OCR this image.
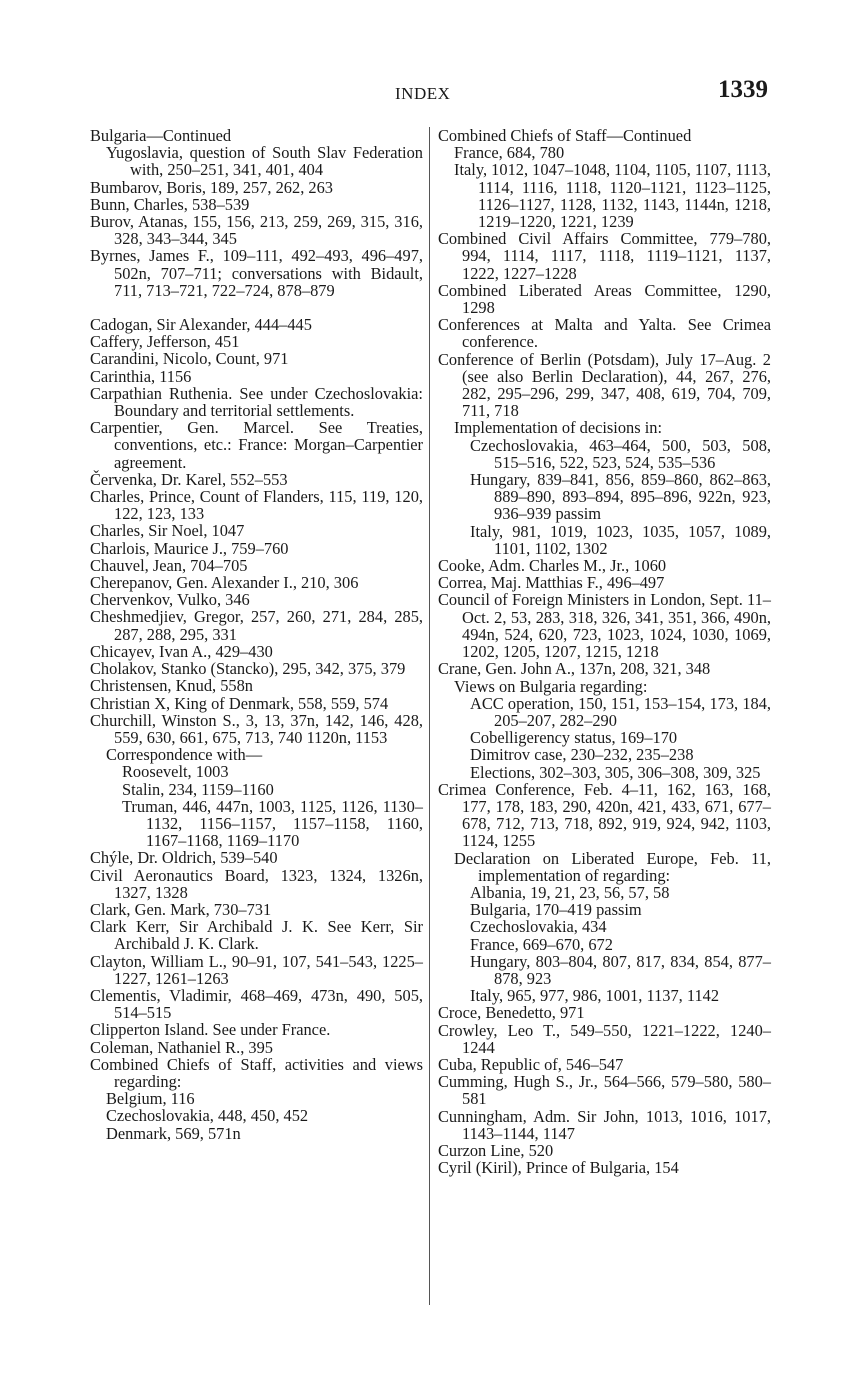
INDEX	1339
Bulgaria—Continued
Yugoslavia, question of South Slav Federation with, 250–251, 341, 401, 404
Bumbarov, Boris, 189, 257, 262, 263
Bunn, Charles, 538–539
Burov, Atanas, 155, 156, 213, 259, 269, 315, 316, 328, 343–344, 345
Byrnes, James F., 109–111, 492–493, 496–497, 502n, 707–711; conversations with Bidault, 711, 713–721, 722–724, 878–879
Cadogan, Sir Alexander, 444–445
Caffery, Jefferson, 451
Carandini, Nicolo, Count, 971
Carinthia, 1156
Carpathian Ruthenia. See under Czechoslovakia: Boundary and territorial settlements.
Carpentier, Gen. Marcel. See Treaties, conventions, etc.: France: Morgan–Carpentier agreement.
Červenka, Dr. Karel, 552–553
Charles, Prince, Count of Flanders, 115, 119, 120, 122, 123, 133
Charles, Sir Noel, 1047
Charlois, Maurice J., 759–760
Chauvel, Jean, 704–705
Cherepanov, Gen. Alexander I., 210, 306
Chervenkov, Vulko, 346
Cheshmedjiev, Gregor, 257, 260, 271, 284, 285, 287, 288, 295, 331
Chicayev, Ivan A., 429–430
Cholakov, Stanko (Stancko), 295, 342, 375, 379
Christensen, Knud, 558n
Christian X, King of Denmark, 558, 559, 574
Churchill, Winston S., 3, 13, 37n, 142, 146, 428, 559, 630, 661, 675, 713, 740 1120n, 1153
Correspondence with—
Roosevelt, 1003
Stalin, 234, 1159–1160
Truman, 446, 447n, 1003, 1125, 1126, 1130–1132, 1156–1157, 1157–1158, 1160, 1167–1168, 1169–1170
Chýle, Dr. Oldrich, 539–540
Civil Aeronautics Board, 1323, 1324, 1326n, 1327, 1328
Clark, Gen. Mark, 730–731
Clark Kerr, Sir Archibald J. K. See Kerr, Sir Archibald J. K. Clark.
Clayton, William L., 90–91, 107, 541–543, 1225–1227, 1261–1263
Clementis, Vladimir, 468–469, 473n, 490, 505, 514–515
Clipperton Island. See under France.
Coleman, Nathaniel R., 395
Combined Chiefs of Staff, activities and views regarding:
Belgium, 116
Czechoslovakia, 448, 450, 452
Denmark, 569, 571n
Combined Chiefs of Staff—Continued
France, 684, 780
Italy, 1012, 1047–1048, 1104, 1105, 1107, 1113, 1114, 1116, 1118, 1120–1121, 1123–1125, 1126–1127, 1128, 1132, 1143, 1144n, 1218, 1219–1220, 1221, 1239
Combined Civil Affairs Committee, 779–780, 994, 1114, 1117, 1118, 1119–1121, 1137, 1222, 1227–1228
Combined Liberated Areas Committee, 1290, 1298
Conferences at Malta and Yalta. See Crimea conference.
Conference of Berlin (Potsdam), July 17–Aug. 2 (see also Berlin Declaration), 44, 267, 276, 282, 295–296, 299, 347, 408, 619, 704, 709, 711, 718
Implementation of decisions in:
Czechoslovakia, 463–464, 500, 503, 508, 515–516, 522, 523, 524, 535–536
Hungary, 839–841, 856, 859–860, 862–863, 889–890, 893–894, 895–896, 922n, 923, 936–939 passim
Italy, 981, 1019, 1023, 1035, 1057, 1089, 1101, 1102, 1302
Cooke, Adm. Charles M., Jr., 1060
Correa, Maj. Matthias F., 496–497
Council of Foreign Ministers in London, Sept. 11–Oct. 2, 53, 283, 318, 326, 341, 351, 366, 490n, 494n, 524, 620, 723, 1023, 1024, 1030, 1069, 1202, 1205, 1207, 1215, 1218
Crane, Gen. John A., 137n, 208, 321, 348
Views on Bulgaria regarding:
ACC operation, 150, 151, 153–154, 173, 184, 205–207, 282–290
Cobelligerency status, 169–170
Dimitrov case, 230–232, 235–238
Elections, 302–303, 305, 306–308, 309, 325
Crimea Conference, Feb. 4–11, 162, 163, 168, 177, 178, 183, 290, 420n, 421, 433, 671, 677–678, 712, 713, 718, 892, 919, 924, 942, 1103, 1124, 1255
Declaration on Liberated Europe, Feb. 11, implementation of regarding:
Albania, 19, 21, 23, 56, 57, 58
Bulgaria, 170–419 passim
Czechoslovakia, 434
France, 669–670, 672
Hungary, 803–804, 807, 817, 834, 854, 877–878, 923
Italy, 965, 977, 986, 1001, 1137, 1142
Croce, Benedetto, 971
Crowley, Leo T., 549–550, 1221–1222, 1240–1244
Cuba, Republic of, 546–547
Cumming, Hugh S., Jr., 564–566, 579–580, 580–581
Cunningham, Adm. Sir John, 1013, 1016, 1017, 1143–1144, 1147
Curzon Line, 520
Cyril (Kiril), Prince of Bulgaria, 154
